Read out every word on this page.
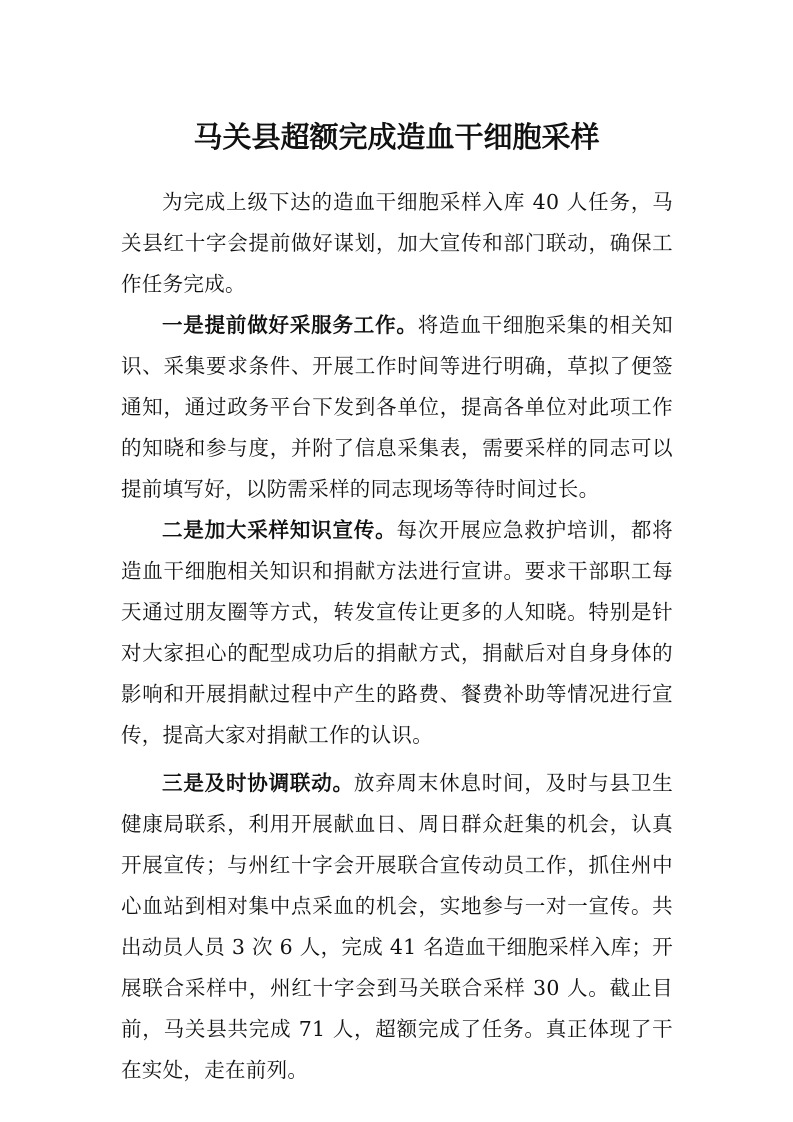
马关县超额完成造血干细胞采样

为完成上级下达的造血干细胞采样入库 40 人任务，马关县红十字会提前做好谋划，加大宣传和部门联动，确保工作任务完成。

一是提前做好采服务工作。将造血干细胞采集的相关知识、采集要求条件、开展工作时间等进行明确，草拟了便签通知，通过政务平台下发到各单位，提高各单位对此项工作的知晓和参与度，并附了信息采集表，需要采样的同志可以提前填写好，以防需采样的同志现场等待时间过长。

二是加大采样知识宣传。每次开展应急救护培训，都将造血干细胞相关知识和捐献方法进行宣讲。要求干部职工每天通过朋友圈等方式，转发宣传让更多的人知晓。特别是针对大家担心的配型成功后的捐献方式，捐献后对自身身体的影响和开展捐献过程中产生的路费、餐费补助等情况进行宣传，提高大家对捐献工作的认识。

三是及时协调联动。放弃周末休息时间，及时与县卫生健康局联系，利用开展献血日、周日群众赶集的机会，认真开展宣传；与州红十字会开展联合宣传动员工作，抓住州中心血站到相对集中点采血的机会，实地参与一对一宣传。共出动员人员 3 次 6 人，完成 41 名造血干细胞采样入库；开展联合采样中，州红十字会到马关联合采样 30 人。截止目前，马关县共完成 71 人，超额完成了任务。真正体现了干在实处，走在前列。
